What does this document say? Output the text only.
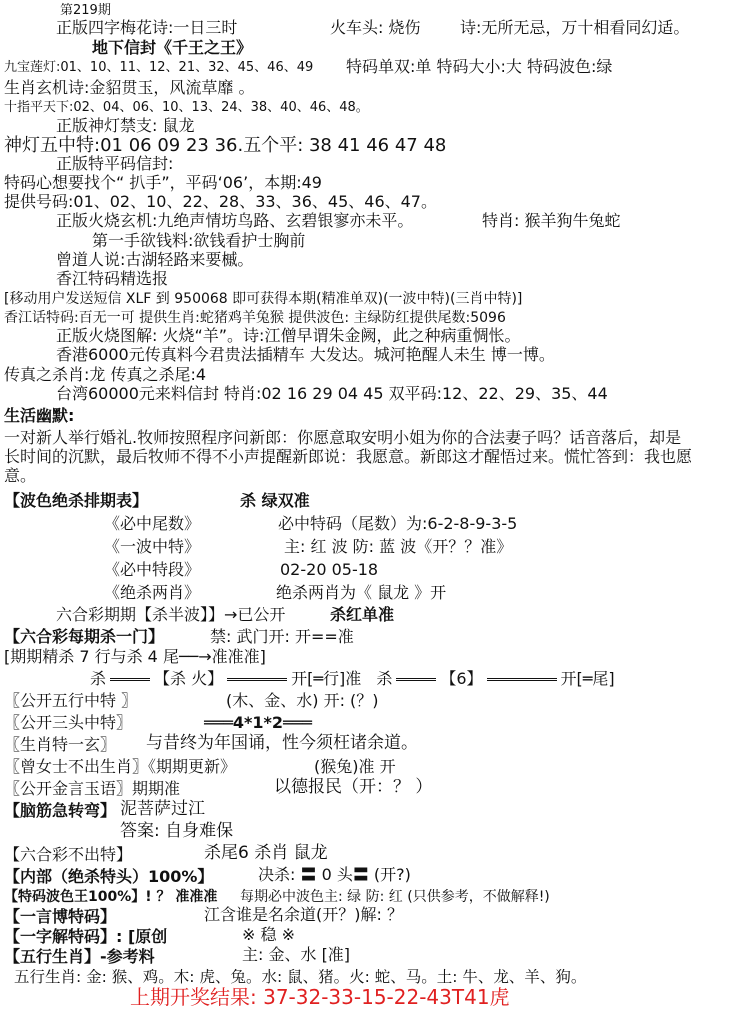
第219期
正版四字梅花诗:一日三时	火车头: 烧伤 诗:无所无忌，万十相看同幻适。
地下信封《千王之王》
九宝莲灯:01、10、11、12、21、32、45、46、49 特码单双:单 特码大小:大 特码波色:绿
生肖玄机诗:金貂贯玉，风流草靡 。
十指平天下:02、04、06、10、13、24、38、40、46、48。
正版神灯禁支: 鼠龙
神灯五中特:01 06 09 23 36.五个平: 38 41 46 47 48
正版特平码信封:
特码心想要找个“ 扒手”，平码‘06’，本期:49
提供号码:01、02、10、22、28、33、36、45、46、47。
正版火烧玄机:九绝声情坊鸟路、玄碧银寥亦未平。	特肖: 猴羊狗牛兔蛇
第一手欲钱料:欲钱看护士胸前
曾道人说:古湖轻路来要槭。
香江特码精选报
[移动用户发送短信 XLF 到 950068 即可获得本期(精准单双)(一波中特)(三肖中特)]
香江话特码:百无一可 提供生肖:蛇猪鸡羊兔猴 提供波色: 主绿防红提供尾数:5096
正版火烧图解: 火烧“羊”。诗:江僧早谓朱金阙，此之种病重惆怅。
香港6000元传真料今君贵法插精车 大发达。城河艳醒人未生 博一博。
传真之杀肖:龙 传真之杀尾:4
台湾60000元来料信封 特肖:02 16 29 04 45 双平码:12、22、29、35、44
生活幽默:
一对新人举行婚礼.牧师按照程序问新郎：你愿意取安明小姐为你的合法妻子吗？话音落后，却是长时间的沉默，最后牧师不得不小声提醒新郎说：我愿意。新郎这才醒悟过来。慌忙答到：我也愿意。
【波色绝杀排期表】	杀 绿双准
《必中尾数》	必中特码（尾数）为:6-2-8-9-3-5
《一波中特》	主: 红 波 防: 蓝 波《开？？准》
《必中特段》	02-20 05-18
《绝杀两肖》	绝杀两肖为《 鼠龙 》开
六合彩期期【杀半波】】→已公开	杀红单准
【六合彩每期杀一门】	禁: 武门开: 开==准
[期期精杀 7 行与杀 4 尾──→准准准]
杀	【杀 火】	开[═行]准 杀	【6】	开[═尾]
〖公开五行中特 〗	(木、金、水) 开: (？)
〖公开三头中特〗	═══4*1*2═══
〖生肖特一玄〗 与昔终为年国诵，性今须枉诸余道。
〖曾女士不出生肖〗《期期更新》	(猴兔)准 开
〖公开金言玉语〗期期准	以德报民（开：？ ）
【脑筋急转弯】 泥菩萨过江
答案: 自身难保
【六合彩不出特】	杀尾6 杀肖 鼠龙
【内部（绝杀特头）100%】	决杀: 〓 0 头〓 (开?)
【特码波色王100%】! ？ 准准准 每期必中波色主: 绿 防: 红 (只供参考，不做解释!)
【一言博特码】	江含谁是名余道(开？)解: ？
【一字解特码】: [原创	※ 稳 ※
【五行生肖】-参考料	主: 金、水 [准]
五行生肖: 金: 猴、鸡。木: 虎、兔。水: 鼠、猪。火: 蛇、马。土: 牛、龙、羊、狗。
上期开奖结果: 37-32-33-15-22-43T41虎
